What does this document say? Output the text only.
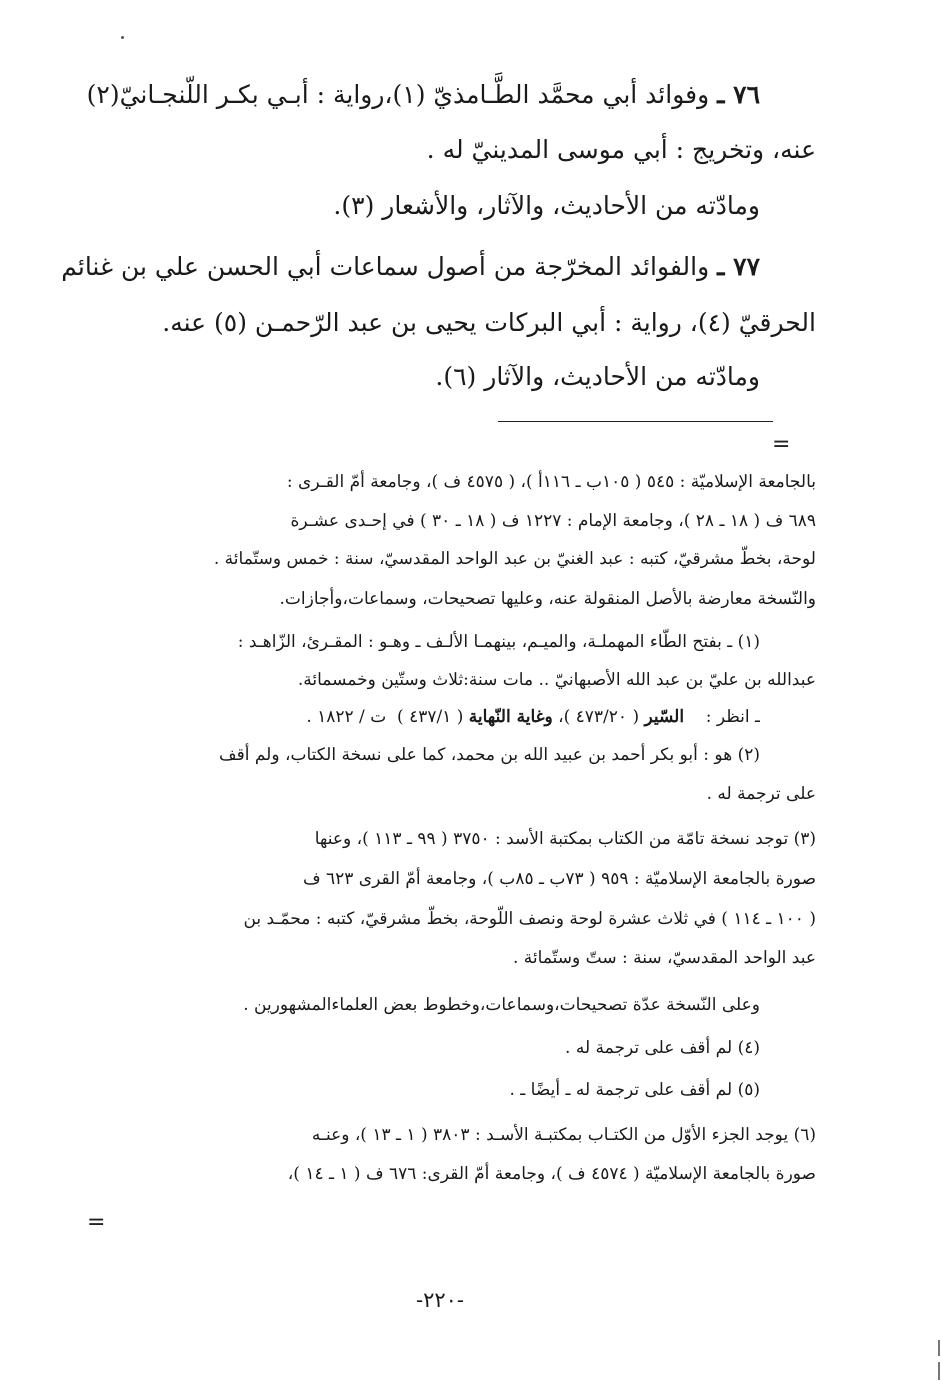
٧٦ ـ وفوائد أبي محمَّد الطَّـامذيّ (١)،رواية : أبـي بكـر اللّنجـانيّ(٢)
عنه، وتخريج : أبي موسى المدينيّ له .
ومادّته من الأحاديث، والآثار، والأشعار (٣).
٧٧ ـ والفوائد المخرّجة من أصول سماعات أبي الحسن علي بن غنائم
الحرقيّ (٤)، رواية : أبي البركات يحيى بن عبد الرّحمـن (٥) عنه.
ومادّته من الأحاديث، والآثار (٦).
=
بالجامعة الإسلاميّة : ٥٤٥ ( ١٠٥ب ـ ١١٦أ )، ( ٤٥٧٥ ف )، وجامعة أمّ القـرى :
٦٨٩ ف ( ١٨ ـ ٢٨ )، وجامعة الإمام : ١٢٢٧ ف ( ١٨ ـ ٣٠ ) في إحـدى عشـرة
لوحة، بخطّ مشرقيّ، كتبه : عبد الغنيّ بن عبد الواحد المقدسيّ، سنة : خمس وستّمائة .
والنّسخة معارضة بالأصل المنقولة عنه، وعليها تصحيحات، وسماعات،وأجازات.
(١) ـ بفتح الطّاء المهملـة، والميـم، بينهمـا الألـف ـ وهـو : المقـرئ، الزّاهـد :
عبدالله بن عليّ بن عبد الله الأصبهانيّ .. مات سنة:ثلاث وستّين وخمسمائة.
ـ انظر :    السّير ( ٤٧٣/٢٠ )، وغاية النّهاية ( ٤٣٧/١ )  ت / ١٨٢٢ .
(٢) هو : أبو بكر أحمد بن عبيد الله بن محمد، كما على نسخة الكتاب، ولم أقف
على ترجمة له .
(٣) توجد نسخة تامّة من الكتاب بمكتبة الأسد : ٣٧٥٠ ( ٩٩ ـ ١١٣ )، وعنها
صورة بالجامعة الإسلاميّة : ٩٥٩ ( ٧٣ب ـ ٨٥ب )، وجامعة أمّ القرى ٦٢٣ ف
( ١٠٠ ـ ١١٤ ) في ثلاث عشرة لوحة ونصف اللّوحة، بخطّ مشرقيّ، كتبه : محمّـد بن
عبد الواحد المقدسيّ، سنة : ستّ وستّمائة .
وعلى النّسخة عدّة تصحيحات،وسماعات،وخطوط بعض العلماءالمشهورين .
(٤) لم أقف على ترجمة له .
(٥) لم أقف على ترجمة له ـ أيضًا ـ .
(٦) يوجد الجزء الأوّل من الكتـاب بمكتبـة الأسـد : ٣٨٠٣ ( ١ ـ ١٣ )، وعنـه
صورة بالجامعة الإسلاميّة ( ٤٥٧٤ ف )، وجامعة أمّ القرى: ٦٧٦ ف ( ١ ـ ١٤ )،
=
-٢٢٠-
